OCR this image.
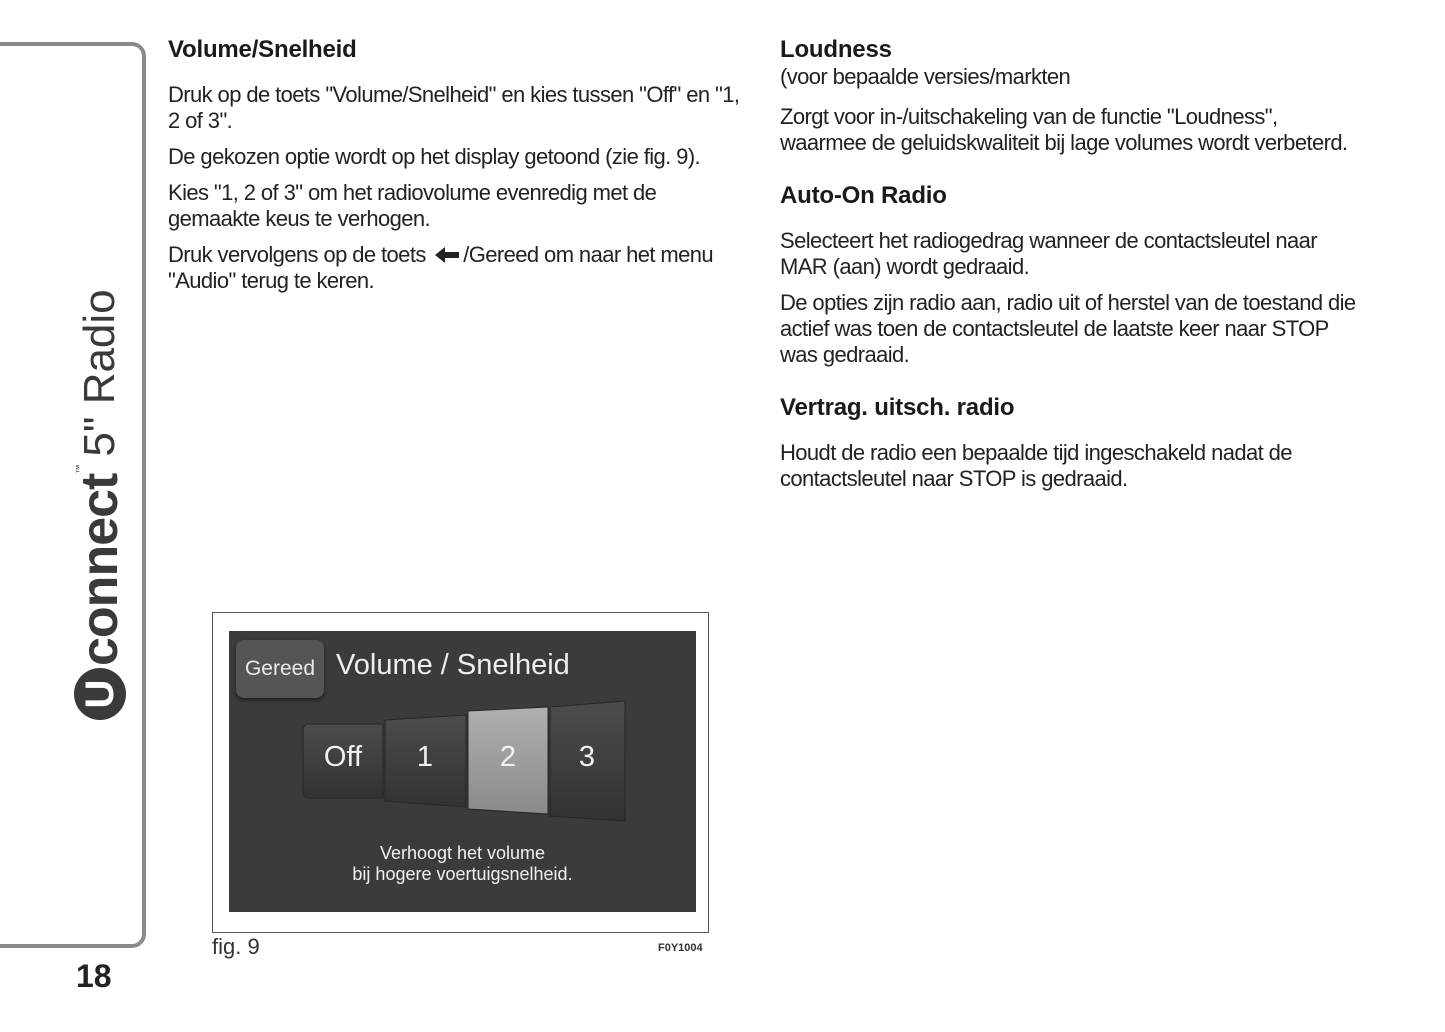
U
connect
™
5" Radio
18
Volume/Snelheid

Druk op de toets "Volume/Snelheid" en kies tussen "Off" en "1, 2 of 3".

De gekozen optie wordt op het display getoond (zie fig. 9).

Kies "1, 2 of 3" om het radiovolume evenredig met de gemaakte keus te verhogen.

Druk vervolgens op de toets /Gereed om naar het menu "Audio" terug te keren.

Loudness

(voor bepaalde versies/markten

Zorgt voor in-/uitschakeling van de functie "Loudness", waarmee de geluidskwaliteit bij lage volumes wordt verbeterd.

Auto-On Radio

Selecteert het radiogedrag wanneer de contactsleutel naar MAR (aan) wordt gedraaid.

De opties zijn radio aan, radio uit of herstel van de toestand die actief was toen de contactsleutel de laatste keer naar STOP was gedraaid.

Vertrag. uitsch. radio

Houdt de radio een bepaalde tijd ingeschakeld nadat de contactsleutel naar STOP is gedraaid.

Gereed Volume / Snelheid
Off	1	2	3
Verhoogt het volume
bij hogere voertuigsnelheid.
fig. 9	F0Y1004
